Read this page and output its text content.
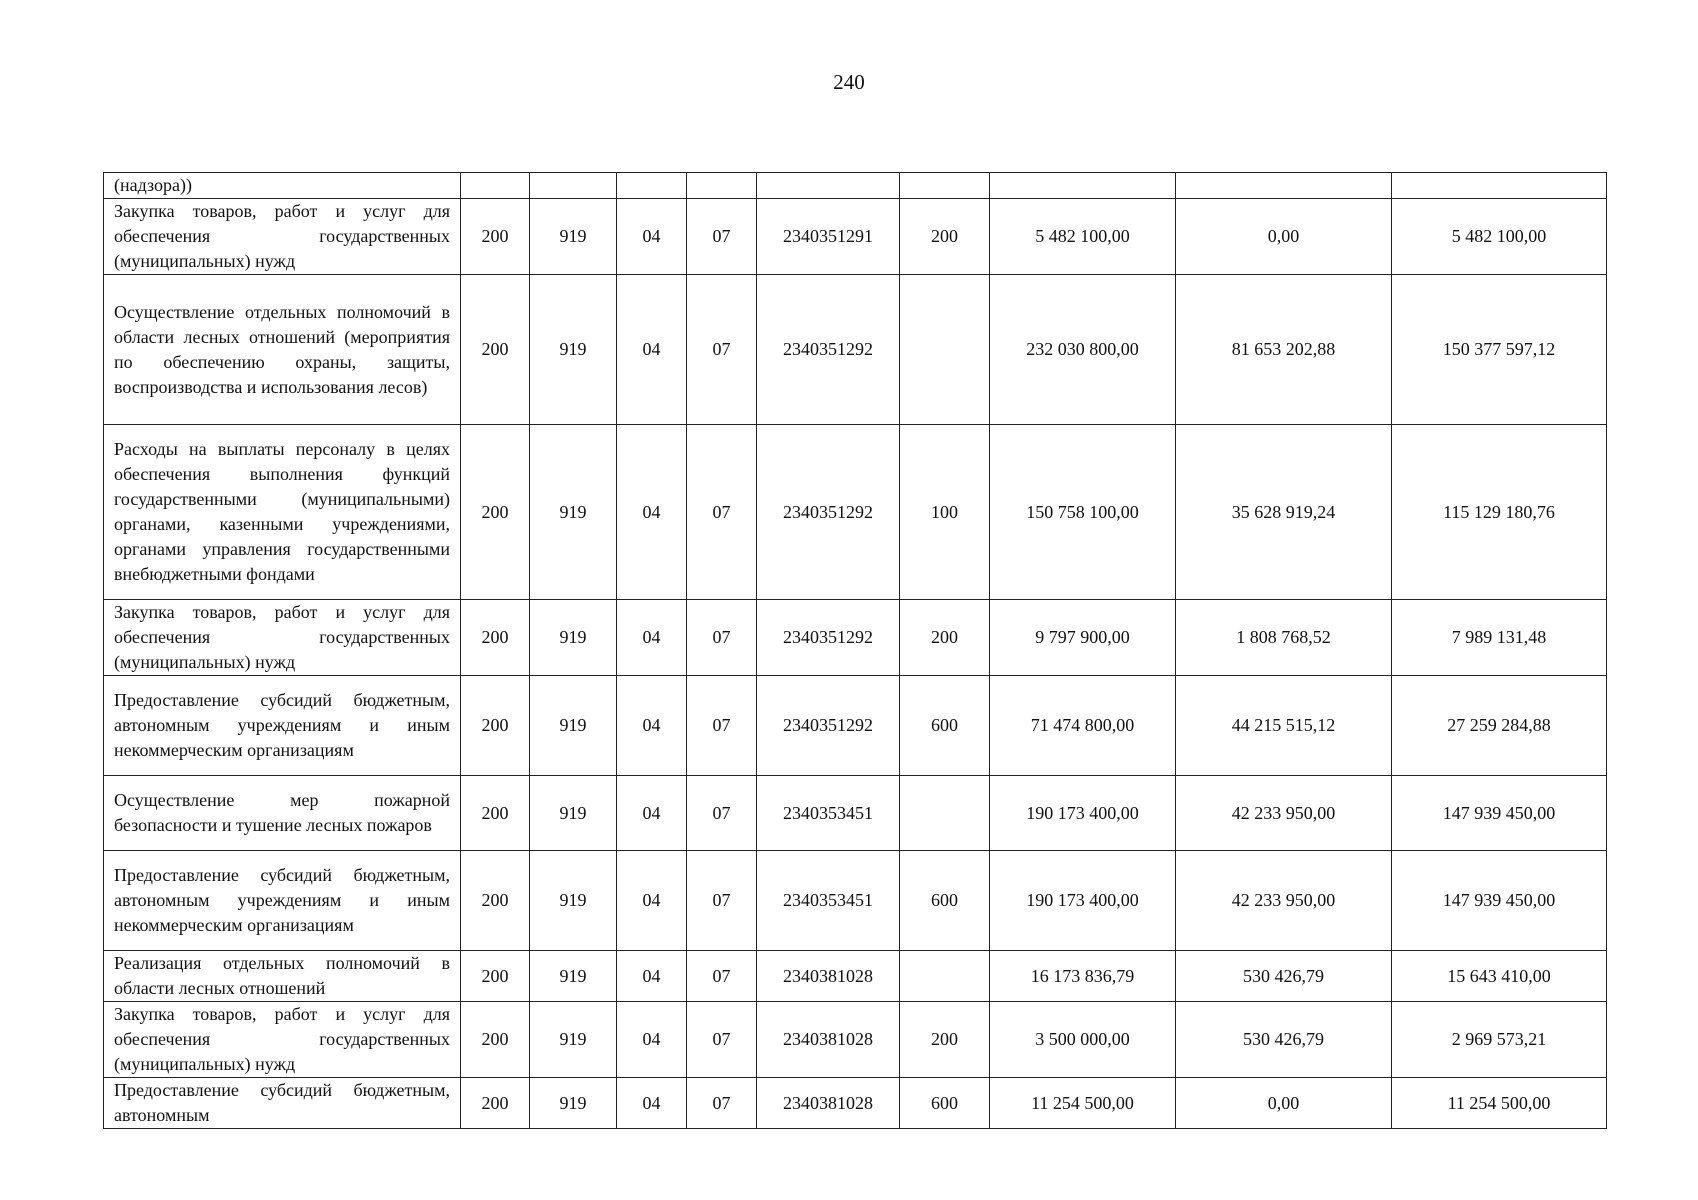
240
(надзора))									
Закупка товаров, работ и услуг для обеспечения государственных (муниципальных) нужд	200	919	04	07	2340351291	200	5 482 100,00	0,00	5 482 100,00
Осуществление отдельных полномочий в области лесных отношений (мероприятия по обеспечению охраны, защиты, воспроизводства и использования лесов)	200	919	04	07	2340351292		232 030 800,00	81 653 202,88	150 377 597,12
Расходы на выплаты персоналу в целях обеспечения выполнения функций государственными (муниципальными) органами, казенными учреждениями, органами управления государственными внебюджетными фондами	200	919	04	07	2340351292	100	150 758 100,00	35 628 919,24	115 129 180,76
Закупка товаров, работ и услуг для обеспечения государственных (муниципальных) нужд	200	919	04	07	2340351292	200	9 797 900,00	1 808 768,52	7 989 131,48
Предоставление субсидий бюджетным, автономным учреждениям и иным некоммерческим организациям	200	919	04	07	2340351292	600	71 474 800,00	44 215 515,12	27 259 284,88
Осуществление мер пожарной безопасности и тушение лесных пожаров	200	919	04	07	2340353451		190 173 400,00	42 233 950,00	147 939 450,00
Предоставление субсидий бюджетным, автономным учреждениям и иным некоммерческим организациям	200	919	04	07	2340353451	600	190 173 400,00	42 233 950,00	147 939 450,00
Реализация отдельных полномочий в области лесных отношений	200	919	04	07	2340381028		16 173 836,79	530 426,79	15 643 410,00
Закупка товаров, работ и услуг для обеспечения государственных (муниципальных) нужд	200	919	04	07	2340381028	200	3 500 000,00	530 426,79	2 969 573,21
Предоставление субсидий бюджетным, автономным	200	919	04	07	2340381028	600	11 254 500,00	0,00	11 254 500,00
